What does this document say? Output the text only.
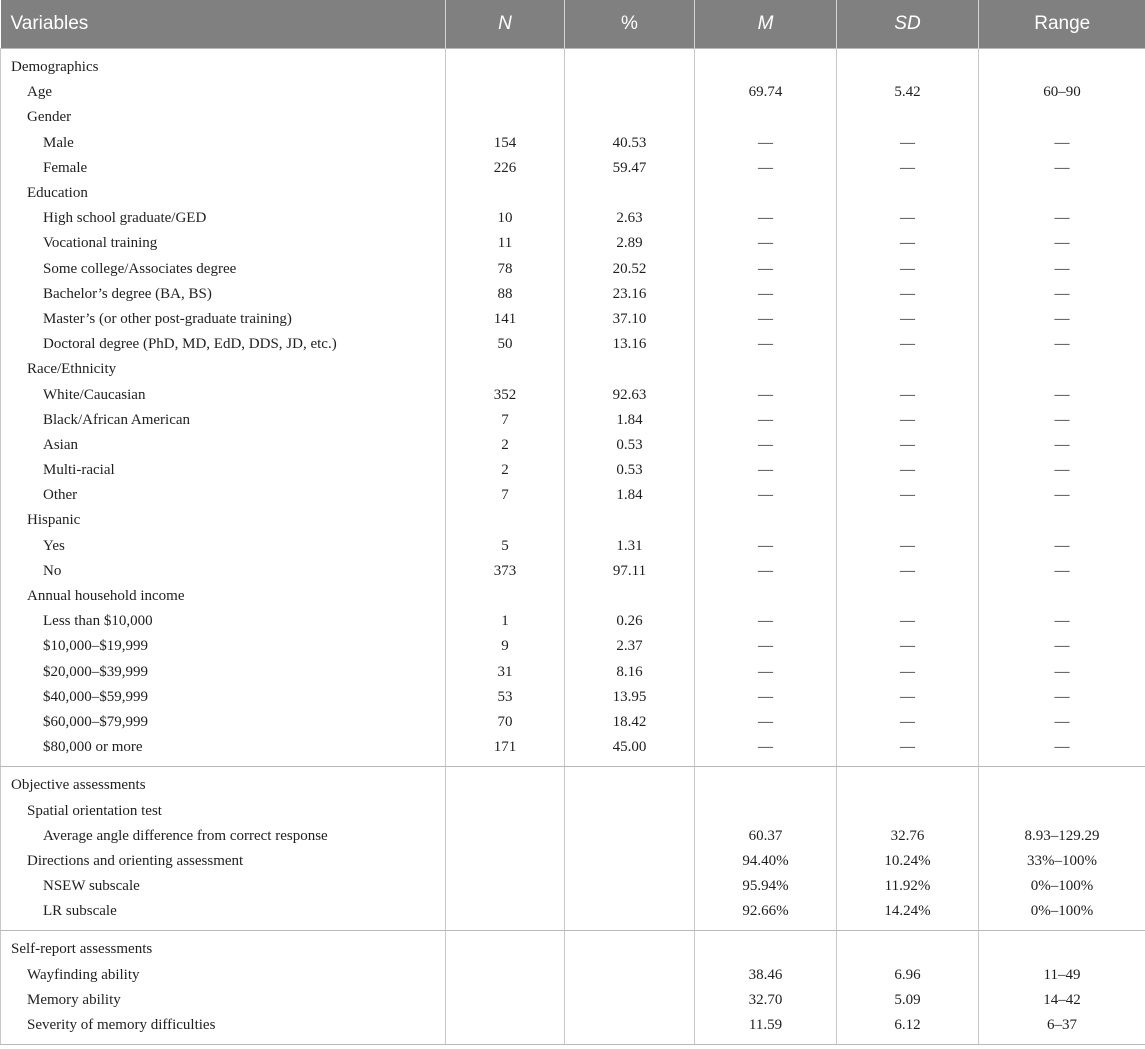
Variables	N	%	M	SD	Range
Demographics					
Age			69.74	5.42	60–90
Gender					
Male	154	40.53	—	—	—
Female	226	59.47	—	—	—
Education					
High school graduate/GED	10	2.63	—	—	—
Vocational training	11	2.89	—	—	—
Some college/Associates degree	78	20.52	—	—	—
Bachelor’s degree (BA, BS)	88	23.16	—	—	—
Master’s (or other post-graduate training)	141	37.10	—	—	—
Doctoral degree (PhD, MD, EdD, DDS, JD, etc.)	50	13.16	—	—	—
Race/Ethnicity					
White/Caucasian	352	92.63	—	—	—
Black/African American	7	1.84	—	—	—
Asian	2	0.53	—	—	—
Multi-racial	2	0.53	—	—	—
Other	7	1.84	—	—	—
Hispanic					
Yes	5	1.31	—	—	—
No	373	97.11	—	—	—
Annual household income					
Less than $10,000	1	0.26	—	—	—
$10,000–$19,999	9	2.37	—	—	—
$20,000–$39,999	31	8.16	—	—	—
$40,000–$59,999	53	13.95	—	—	—
$60,000–$79,999	70	18.42	—	—	—
$80,000 or more	171	45.00	—	—	—
Objective assessments					
Spatial orientation test					
Average angle difference from correct response			60.37	32.76	8.93–129.29
Directions and orienting assessment			94.40%	10.24%	33%–100%
NSEW subscale			95.94%	11.92%	0%–100%
LR subscale			92.66%	14.24%	0%–100%
Self-report assessments					
Wayfinding ability			38.46	6.96	11–49
Memory ability			32.70	5.09	14–42
Severity of memory difficulties			11.59	6.12	6–37
